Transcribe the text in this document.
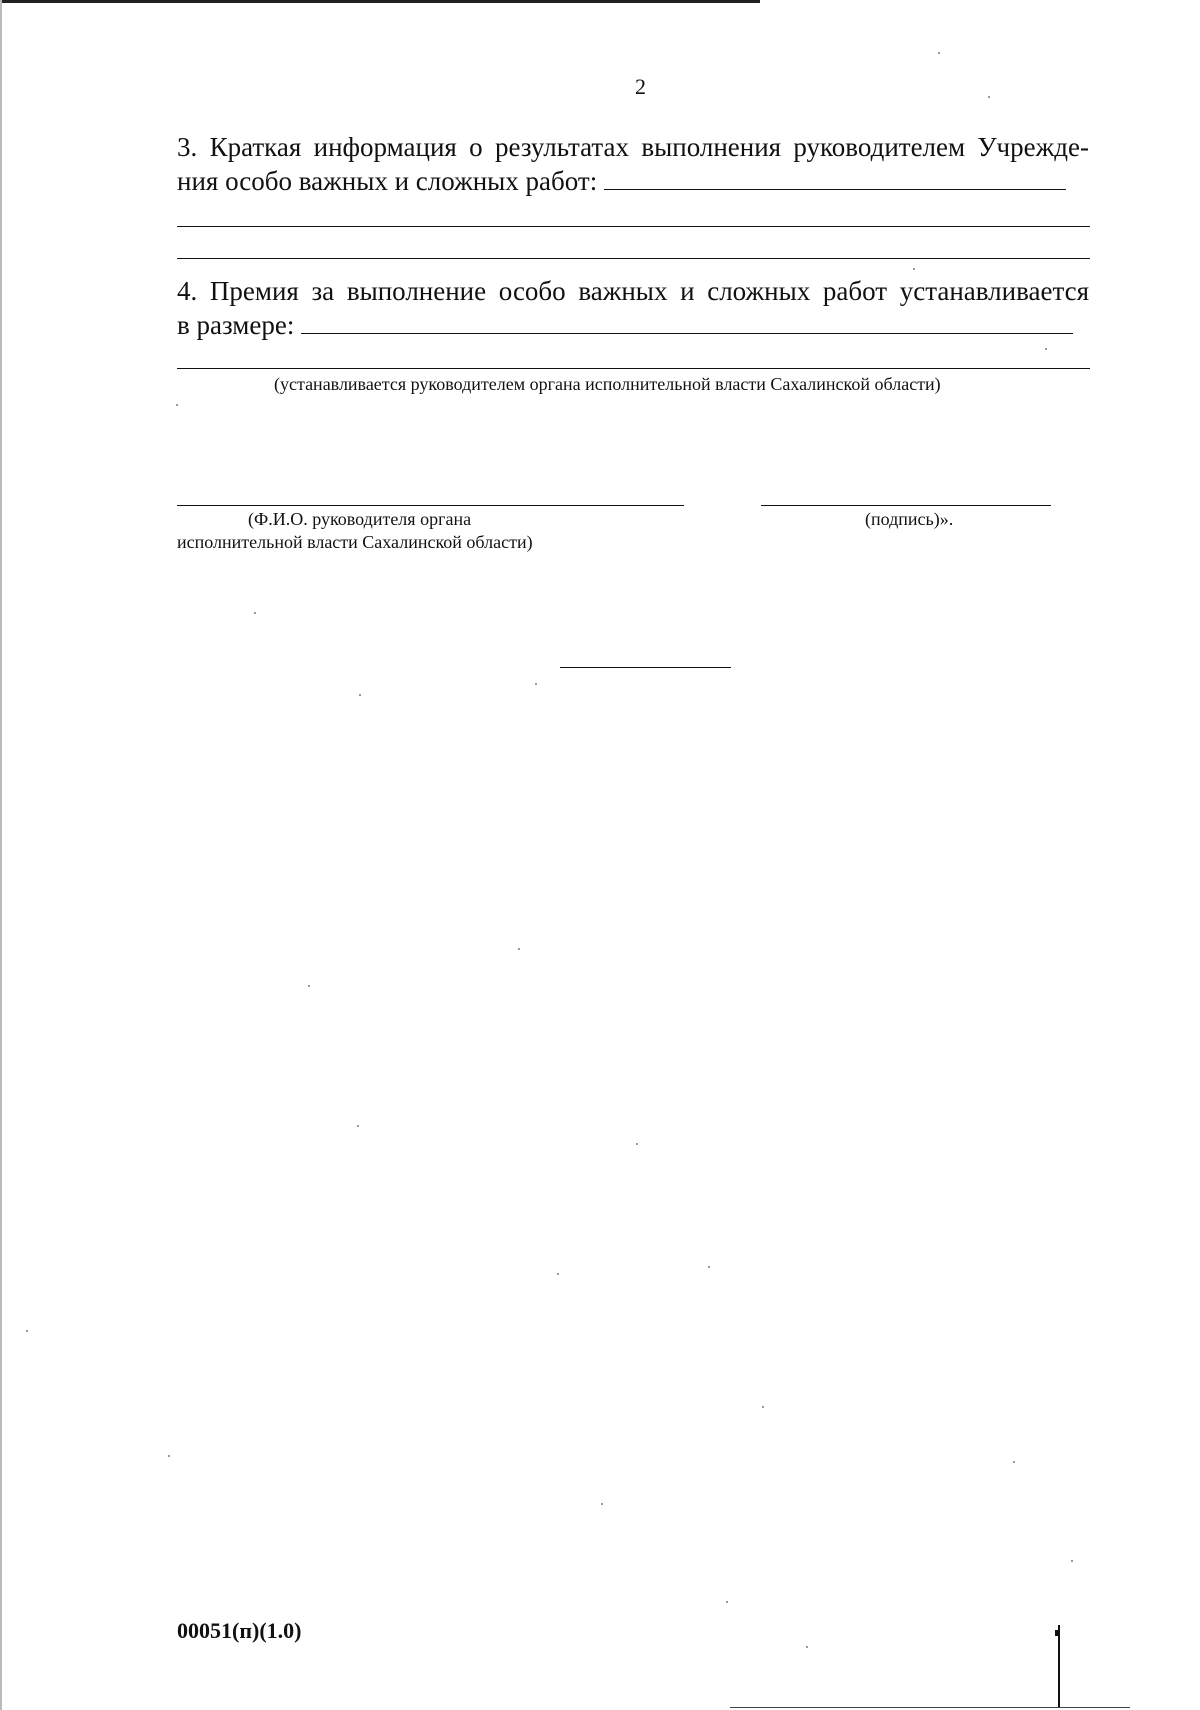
2
3. Краткая информация о результатах выполнения руководителем Учрежде-
ния особо важных и сложных работ:
4. Премия за выполнение особо важных и сложных работ устанавливается
в размере:
(устанавливается руководителем органа исполнительной власти Сахалинской области)
(Ф.И.О. руководителя органа
исполнительной власти Сахалинской области)
(подпись)».
00051(п)(1.0)
